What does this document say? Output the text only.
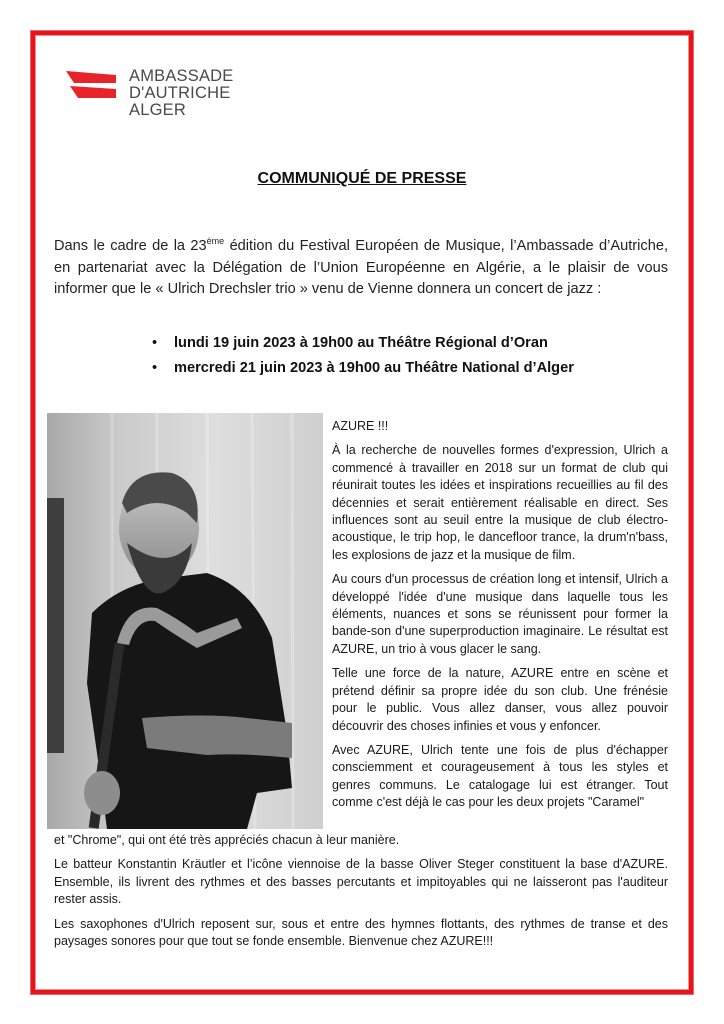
AMBASSADE
D'AUTRICHE
ALGER
COMMUNIQUÉ DE PRESSE
Dans le cadre de la 23ème édition du Festival Européen de Musique, l’Ambassade d’Autriche, en partenariat avec la Délégation de l’Union Européenne en Algérie, a le plaisir de vous informer que le « Ulrich Drechsler trio » venu de Vienne donnera un concert de jazz :
• lundi 19 juin 2023 à 19h00 au Théâtre Régional d’Oran
• mercredi 21 juin 2023 à 19h00 au Théâtre National d’Alger

AZURE !!!

À la recherche de nouvelles formes d'expression, Ulrich a commencé à travailler en 2018 sur un format de club qui réunirait toutes les idées et inspirations recueillies au fil des décennies et serait entièrement réalisable en direct. Ses influences sont au seuil entre la musique de club électro-acoustique, le trip hop, le dancefloor trance, la drum'n'bass, les explosions de jazz et la musique de film.

Au cours d'un processus de création long et intensif, Ulrich a développé l'idée d'une musique dans laquelle tous les éléments, nuances et sons se réunissent pour former la bande-son d'une superproduction imaginaire. Le résultat est AZURE, un trio à vous glacer le sang.

Telle une force de la nature, AZURE entre en scène et prétend définir sa propre idée du son club. Une frénésie pour le public. Vous allez danser, vous allez pouvoir découvrir des choses infinies et vous y enfoncer.

Avec AZURE, Ulrich tente une fois de plus d'échapper consciemment et courageusement à tous les styles et genres communs. Le catalogage lui est étranger. Tout comme c'est déjà le cas pour les deux projets "Caramel"

et "Chrome", qui ont été très appréciés chacun à leur manière.

Le batteur Konstantin Kräutler et l’icône viennoise de la basse Oliver Steger constituent la base d'AZURE. Ensemble, ils livrent des rythmes et des basses percutants et impitoyables qui ne laisseront pas l'auditeur rester assis.

Les saxophones d'Ulrich reposent sur, sous et entre des hymnes flottants, des rythmes de transe et des paysages sonores pour que tout se fonde ensemble. Bienvenue chez AZURE!!!
